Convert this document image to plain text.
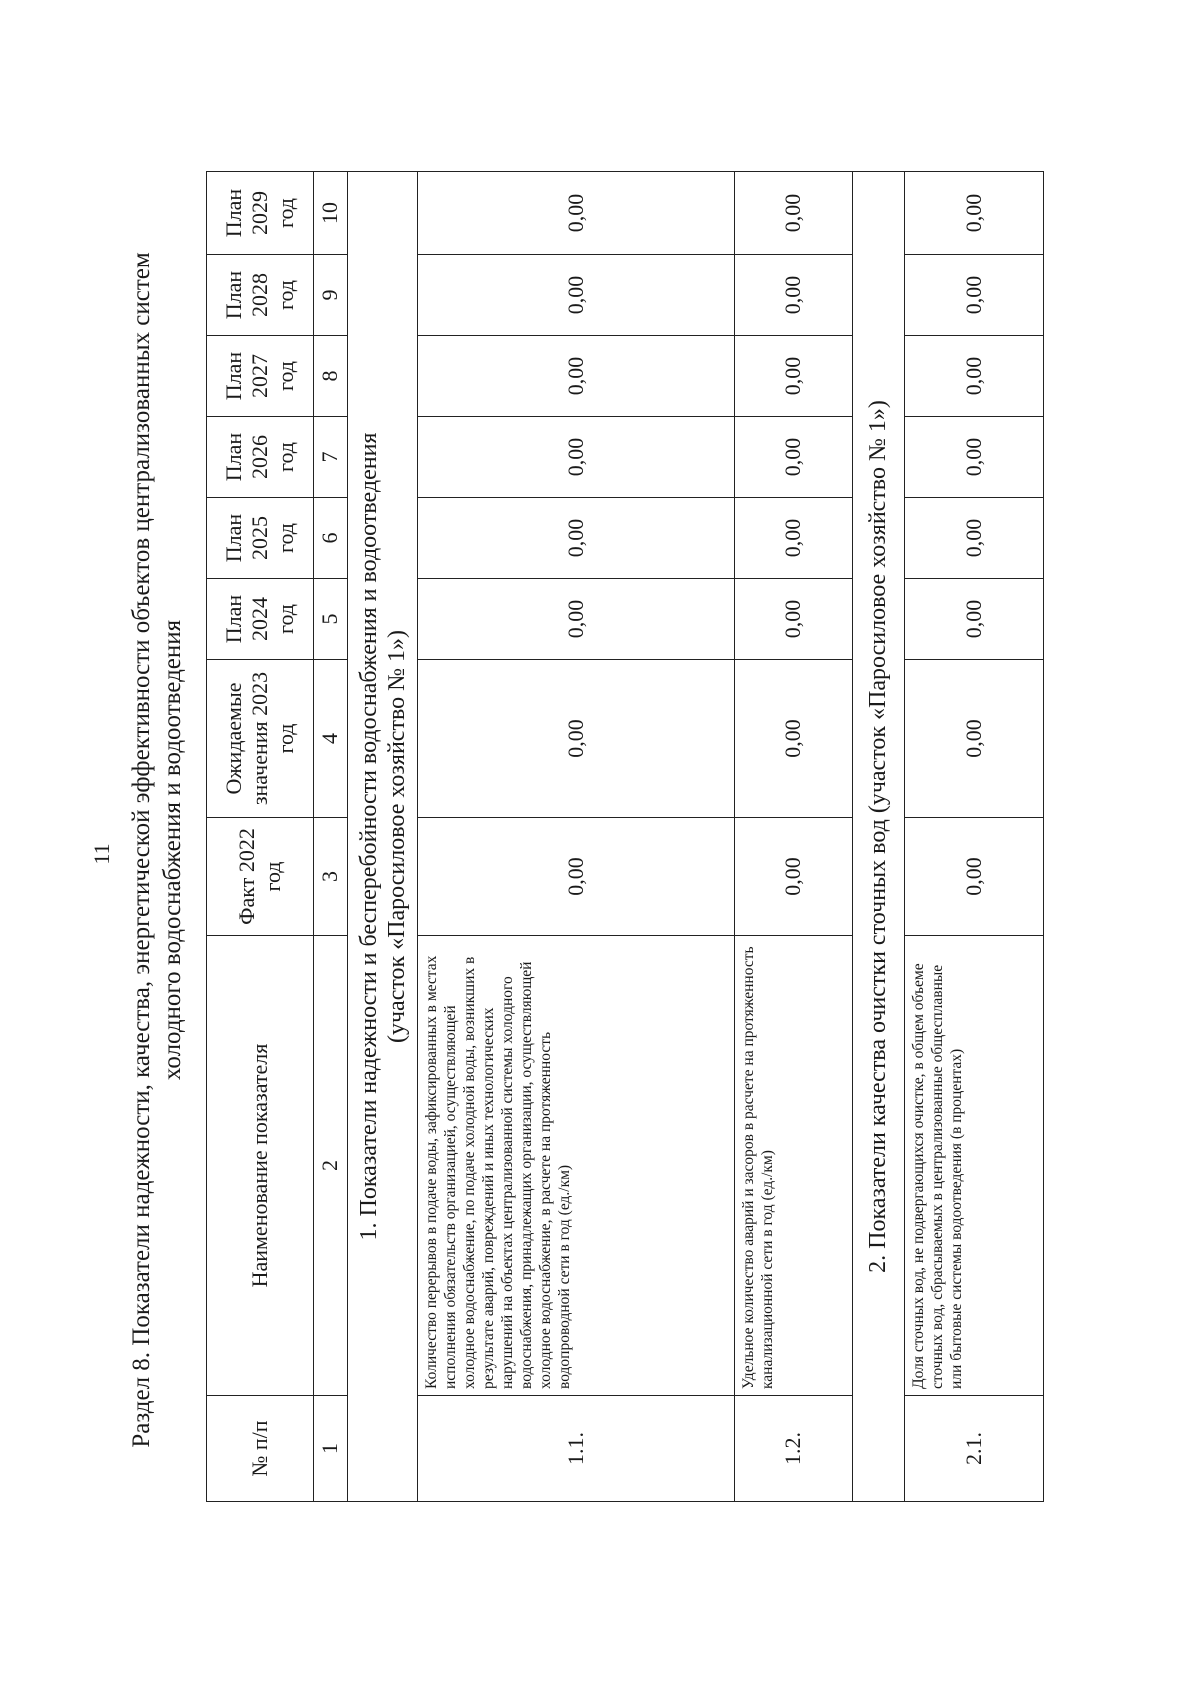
11 Раздел 8. Показатели надежности, качества, энергетической эффективности объектов централизованных систем холодного водоснабжения и водоотведения
№ п/п	Наименование показателя	Факт 2022 год	Ожидаемые значения 2023 год	План 2024 год	План 2025 год	План 2026 год	План 2027 год	План 2028 год	План 2029 год
1	2	3	4	5	6	7	8	9	10

1. Показатели надежности и бесперебойности водоснабжения и водоотведения (участок «Паросиловое хозяйство № 1»)									

1.1.	Количество перерывов в подаче воды, зафиксированных в местах исполнения обязательств организацией, осуществляющей холодное водоснабжение, по подаче холодной воды, возникших в результате аварий, повреждений и иных технологических нарушений на объектах централизованной системы холодного водоснабжения, принадлежащих организации, осуществляющей холодное водоснабжение, в расчете на протяженность водопроводной сети в год (ед./км)	0,00	0,00	0,00	0,00	0,00	0,00	0,00	0,00
1.2.	Удельное количество аварий и засоров в расчете на протяженность канализационной сети в год (ед./км)	0,00	0,00	0,00	0,00	0,00	0,00	0,00	0,00
2. Показатели качества очистки сточных вод (участок «Паросиловое хозяйство № 1»)									
2.1.	Доля сточных вод, не подвергающихся очистке, в общем объеме сточных вод, сбрасываемых в централизованные общесплавные или бытовые системы водоотведения (в процентах)	0,00	0,00	0,00	0,00	0,00	0,00	0,00	0,00
